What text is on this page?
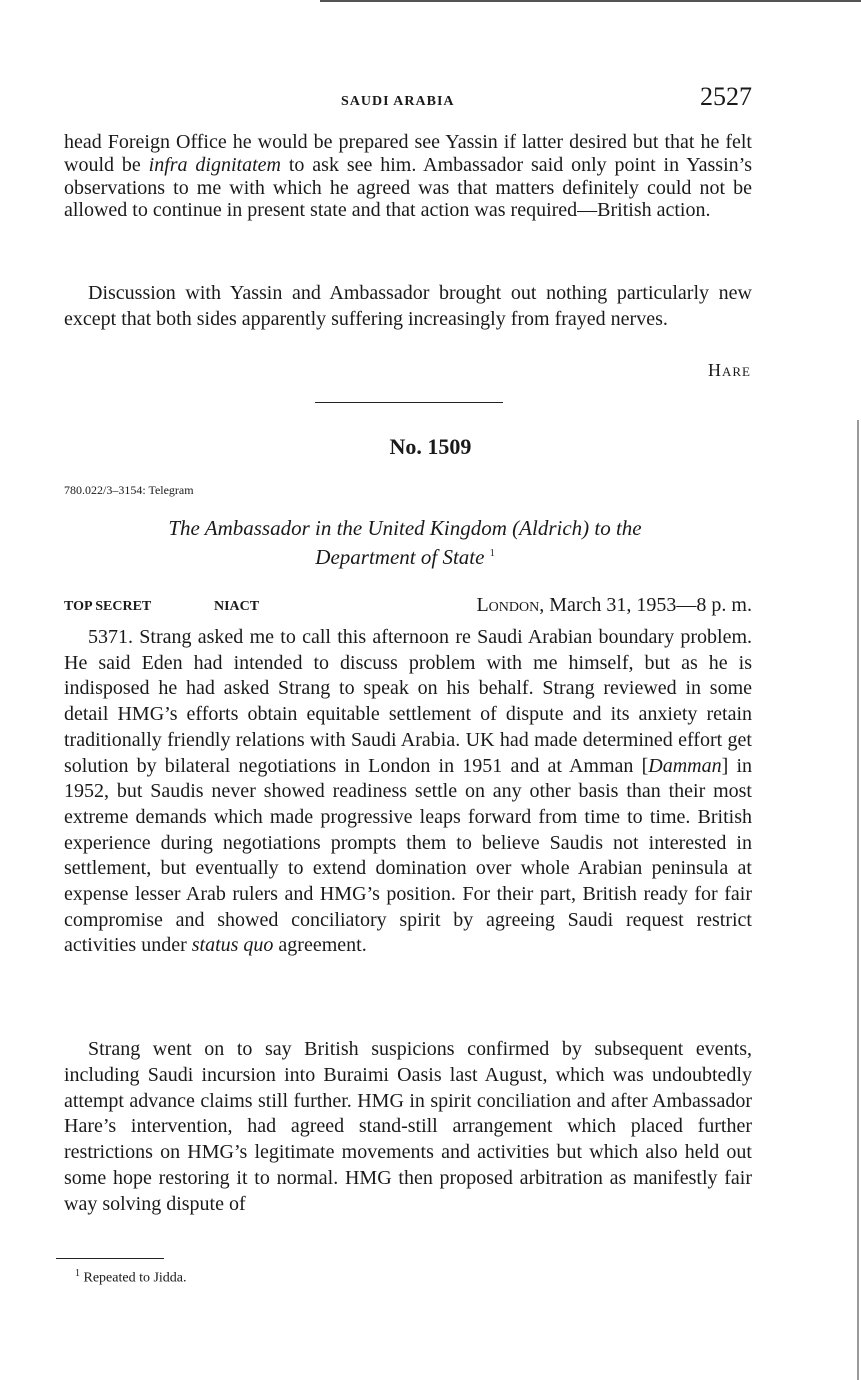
SAUDI ARABIA	2527

head Foreign Office he would be prepared see Yassin if latter desired but that he felt would be infra dignitatem to ask see him. Ambassador said only point in Yassin’s observations to me with which he agreed was that matters definitely could not be allowed to continue in present state and that action was required—British action.

Discussion with Yassin and Ambassador brought out nothing particularly new except that both sides apparently suffering increasingly from frayed nerves.

Hare
No. 1509
780.022/3–3154: Telegram
The Ambassador in the United Kingdom (Aldrich) to the
Department of State $^1$
TOP SECRET	NIACT	London, March 31, 1953—8 p. m.

5371. Strang asked me to call this afternoon re Saudi Arabian boundary problem. He said Eden had intended to discuss problem with me himself, but as he is indisposed he had asked Strang to speak on his behalf. Strang reviewed in some detail HMG’s efforts obtain equitable settlement of dispute and its anxiety retain traditionally friendly relations with Saudi Arabia. UK had made determined effort get solution by bilateral negotiations in London in 1951 and at Amman [Damman] in 1952, but Saudis never showed readiness settle on any other basis than their most extreme demands which made progressive leaps forward from time to time. British experience during negotiations prompts them to believe Saudis not interested in settlement, but eventually to extend domination over whole Arabian peninsula at expense lesser Arab rulers and HMG’s position. For their part, British ready for fair compromise and showed conciliatory spirit by agreeing Saudi request restrict activities under status quo agreement.

Strang went on to say British suspicions confirmed by subsequent events, including Saudi incursion into Buraimi Oasis last August, which was undoubtedly attempt advance claims still further. HMG in spirit conciliation and after Ambassador Hare’s intervention, had agreed stand-still arrangement which placed further restrictions on HMG’s legitimate movements and activities but which also held out some hope restoring it to normal. HMG then proposed arbitration as manifestly fair way solving dispute of

$^1$ Repeated to Jidda.
